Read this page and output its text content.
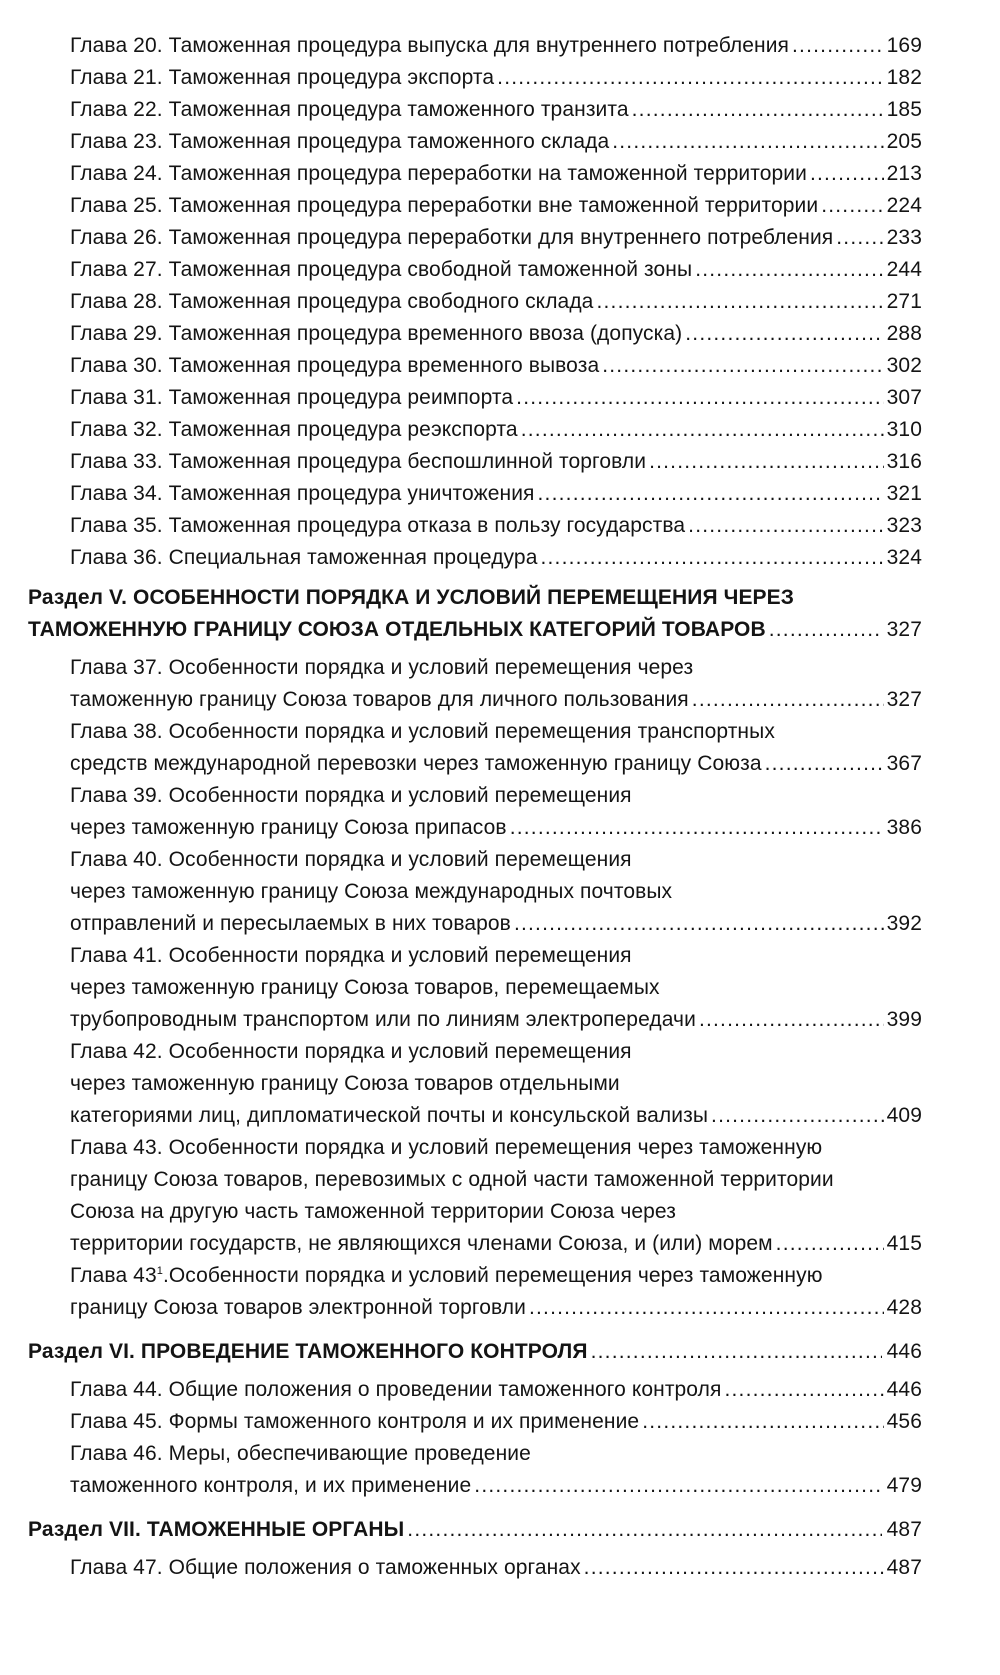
Глава 20. Таможенная процедура выпуска для внутреннего потребления .....	169
Глава 21. Таможенная процедура экспорта .....	182
Глава 22. Таможенная процедура таможенного транзита .....	185
Глава 23. Таможенная процедура таможенного склада .....	205
Глава 24. Таможенная процедура переработки на таможенной территории .....	213
Глава 25. Таможенная процедура переработки вне таможенной территории .....	224
Глава 26. Таможенная процедура переработки для внутреннего потребления .....	233
Глава 27. Таможенная процедура свободной таможенной зоны .....	244
Глава 28. Таможенная процедура свободного склада .....	271
Глава 29. Таможенная процедура временного ввоза (допуска) .....	288
Глава 30. Таможенная процедура временного вывоза .....	302
Глава 31. Таможенная процедура реимпорта .....	307
Глава 32. Таможенная процедура реэкспорта .....	310
Глава 33. Таможенная процедура беспошлинной торговли .....	316
Глава 34. Таможенная процедура уничтожения .....	321
Глава 35. Таможенная процедура отказа в пользу государства .....	323
Глава 36. Специальная таможенная процедура .....	324
Раздел V. ОСОБЕННОСТИ ПОРЯДКА И УСЛОВИЙ ПЕРЕМЕЩЕНИЯ ЧЕРЕЗ
ТАМОЖЕННУЮ ГРАНИЦУ СОЮЗА ОТДЕЛЬНЫХ КАТЕГОРИЙ ТОВАРОВ .....	327
Глава 37. Особенности порядка и условий перемещения через
таможенную границу Союза товаров для личного пользования .....	327
Глава 38. Особенности порядка и условий перемещения транспортных
средств международной перевозки через таможенную границу Союза .....	367
Глава 39. Особенности порядка и условий перемещения
через таможенную границу Союза припасов .....	386
Глава 40. Особенности порядка и условий перемещения
через таможенную границу Союза международных почтовых
отправлений и пересылаемых в них товаров .....	392
Глава 41. Особенности порядка и условий перемещения
через таможенную границу Союза товаров, перемещаемых
трубопроводным транспортом или по линиям электропередачи .....	399
Глава 42. Особенности порядка и условий перемещения
через таможенную границу Союза товаров отдельными
категориями лиц, дипломатической почты и консульской вализы .....	409
Глава 43. Особенности порядка и условий перемещения через таможенную
границу Союза товаров, перевозимых с одной части таможенной территории
Союза на другую часть таможенной территории Союза через
территории государств, не являющихся членами Союза, и (или) морем .....	415
Глава $43^1.Особенности$ порядка и условий перемещения через таможенную
границу Союза товаров электронной торговли .....	428
Раздел VI. ПРОВЕДЕНИЕ ТАМОЖЕННОГО КОНТРОЛЯ .....	446
Глава 44. Общие положения о проведении таможенного контроля .....	446
Глава 45. Формы таможенного контроля и их применение .....	456
Глава 46. Меры, обеспечивающие проведение
таможенного контроля, и их применение .....	479
Раздел VII. ТАМОЖЕННЫЕ ОРГАНЫ .....	487
Глава 47. Общие положения о таможенных органах .....	487
